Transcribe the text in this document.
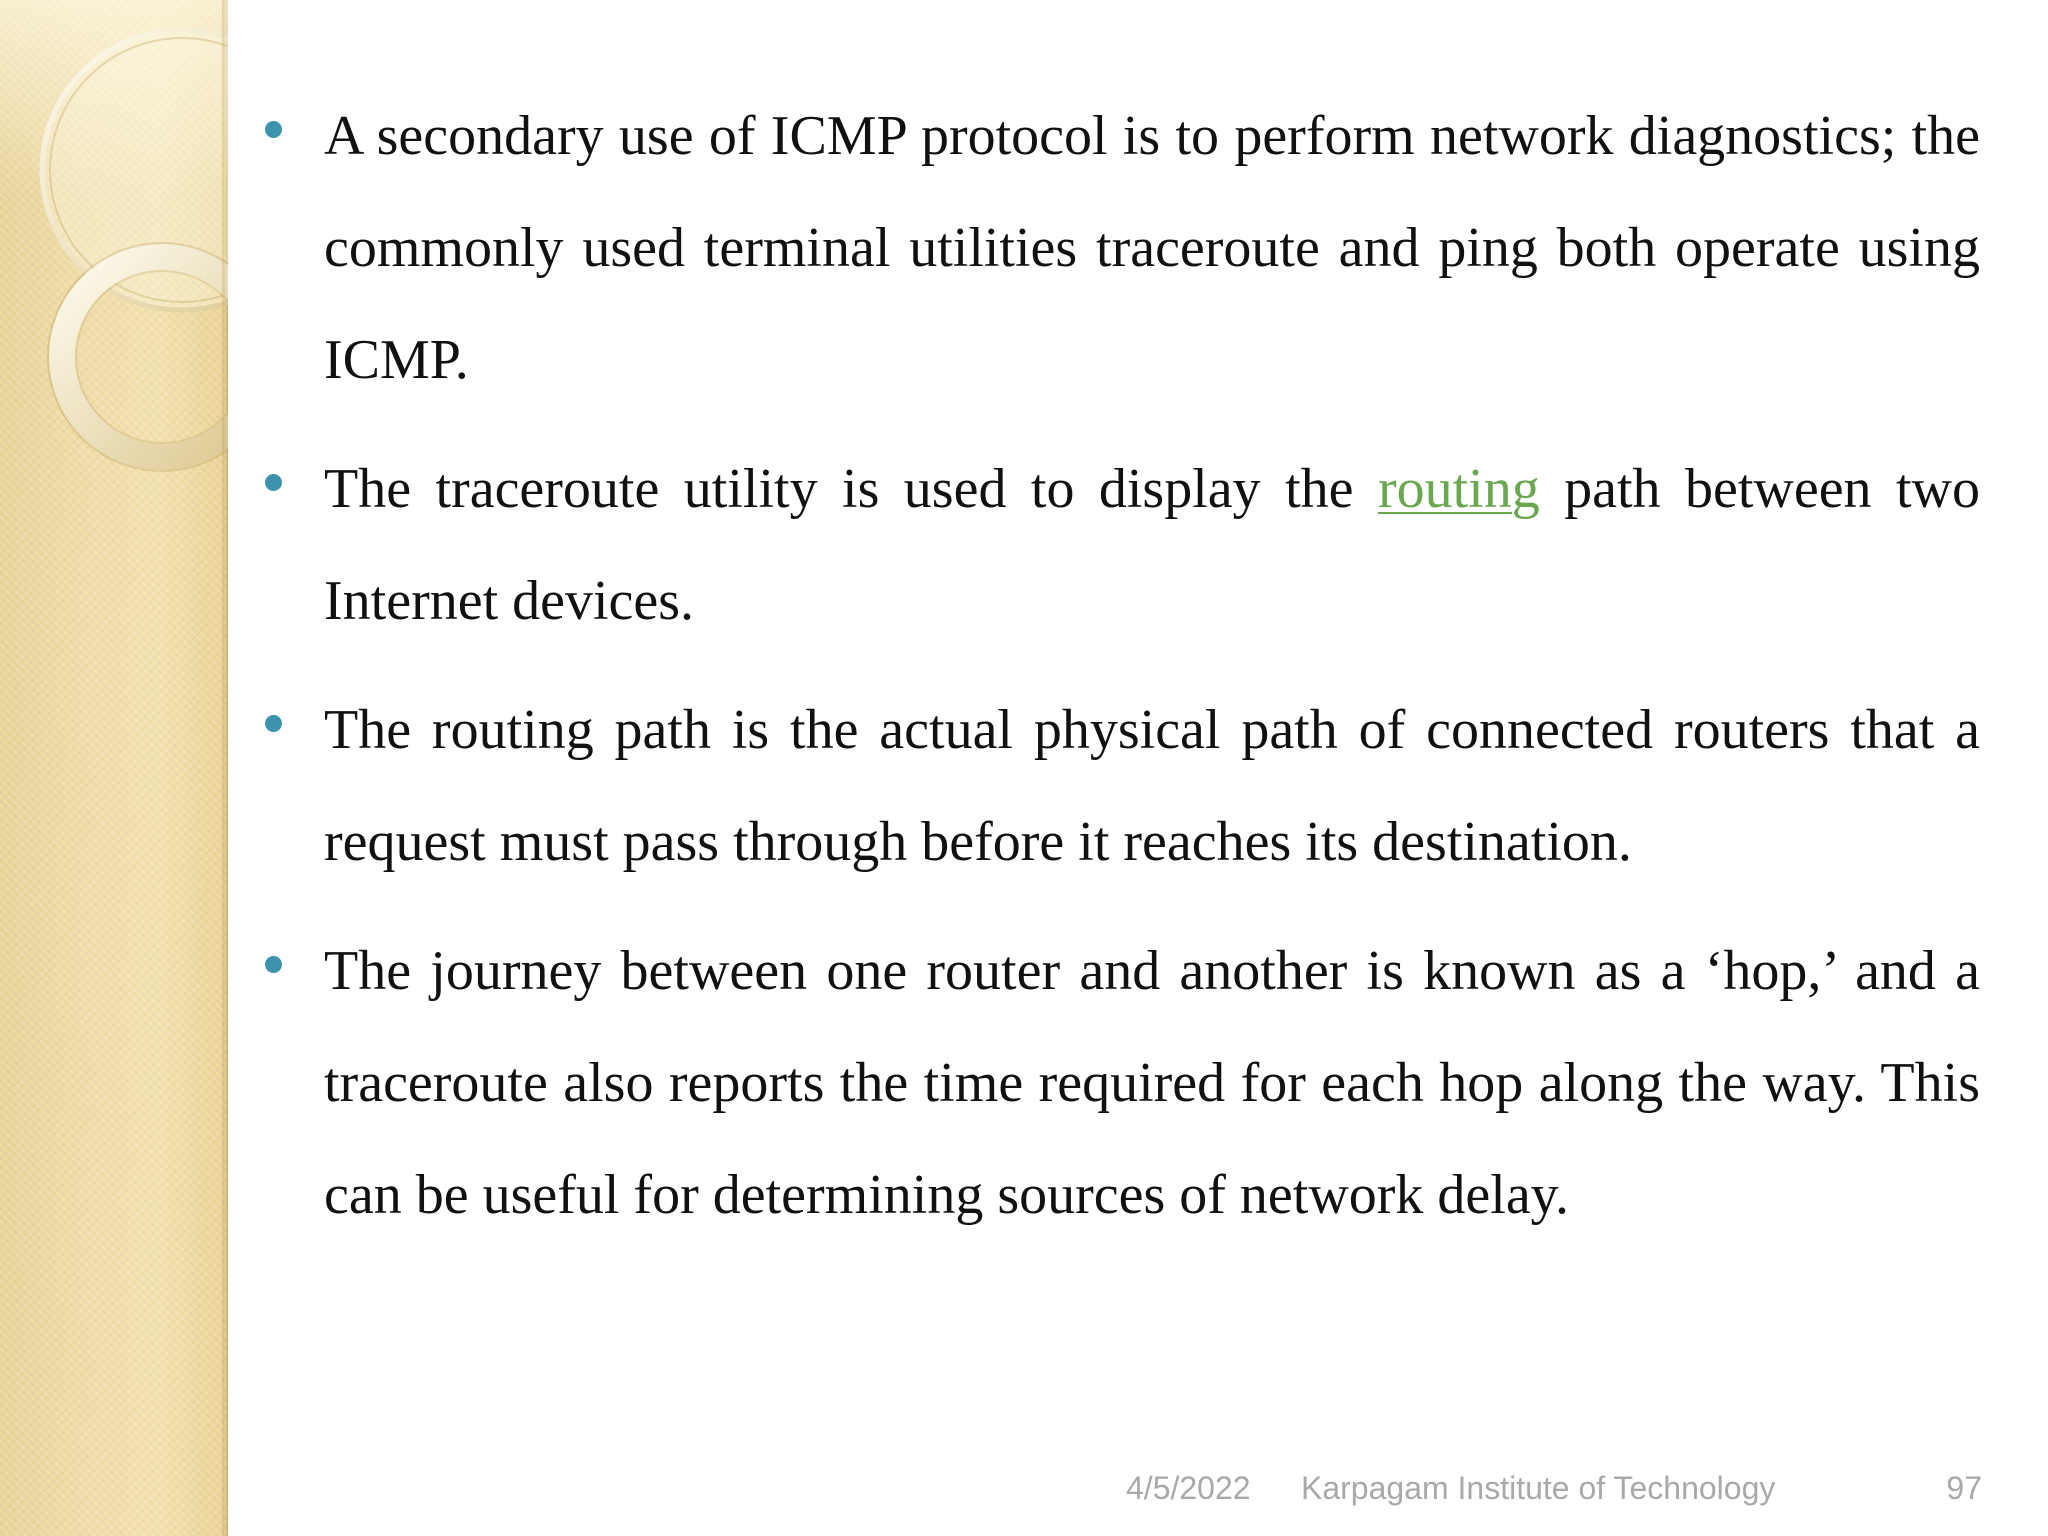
A secondary use of ICMP protocol is to perform network diagnostics; the commonly used terminal utilities traceroute and ping both operate using ICMP.

The traceroute utility is used to display the routing path between two Internet devices.

The routing path is the actual physical path of connected routers that a request must pass through before it reaches its destination.

The journey between one router and another is known as a ‘hop,’ and a traceroute also reports the time required for each hop along the way. This can be useful for determining sources of network delay.

4/5/2022 Karpagam Institute of Technology	97
